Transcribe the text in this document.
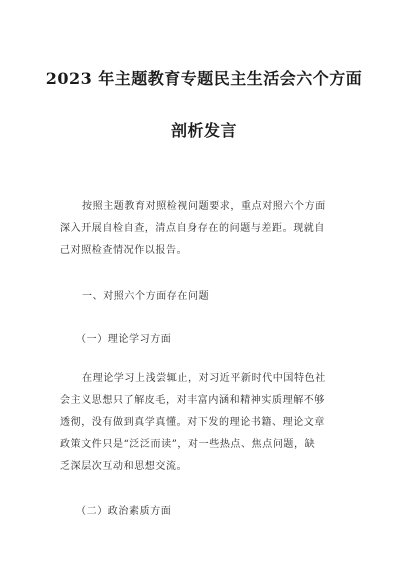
2023 年主题教育专题民主生活会六个方面
剖析发言
按照主题教育对照检视问题要求，重点对照六个方面
深入开展自检自查，清点自身存在的问题与差距。现就自
己对照检查情况作以报告。

一、对照六个方面存在问题

（一）理论学习方面

在理论学习上浅尝辄止，对习近平新时代中国特色社
会主义思想只了解皮毛，对丰富内涵和精神实质理解不够
透彻，没有做到真学真懂。对下发的理论书籍、理论文章
政策文件只是“泛泛而读”，对一些热点、焦点问题，缺
乏深层次互动和思想交流。

（二）政治素质方面
